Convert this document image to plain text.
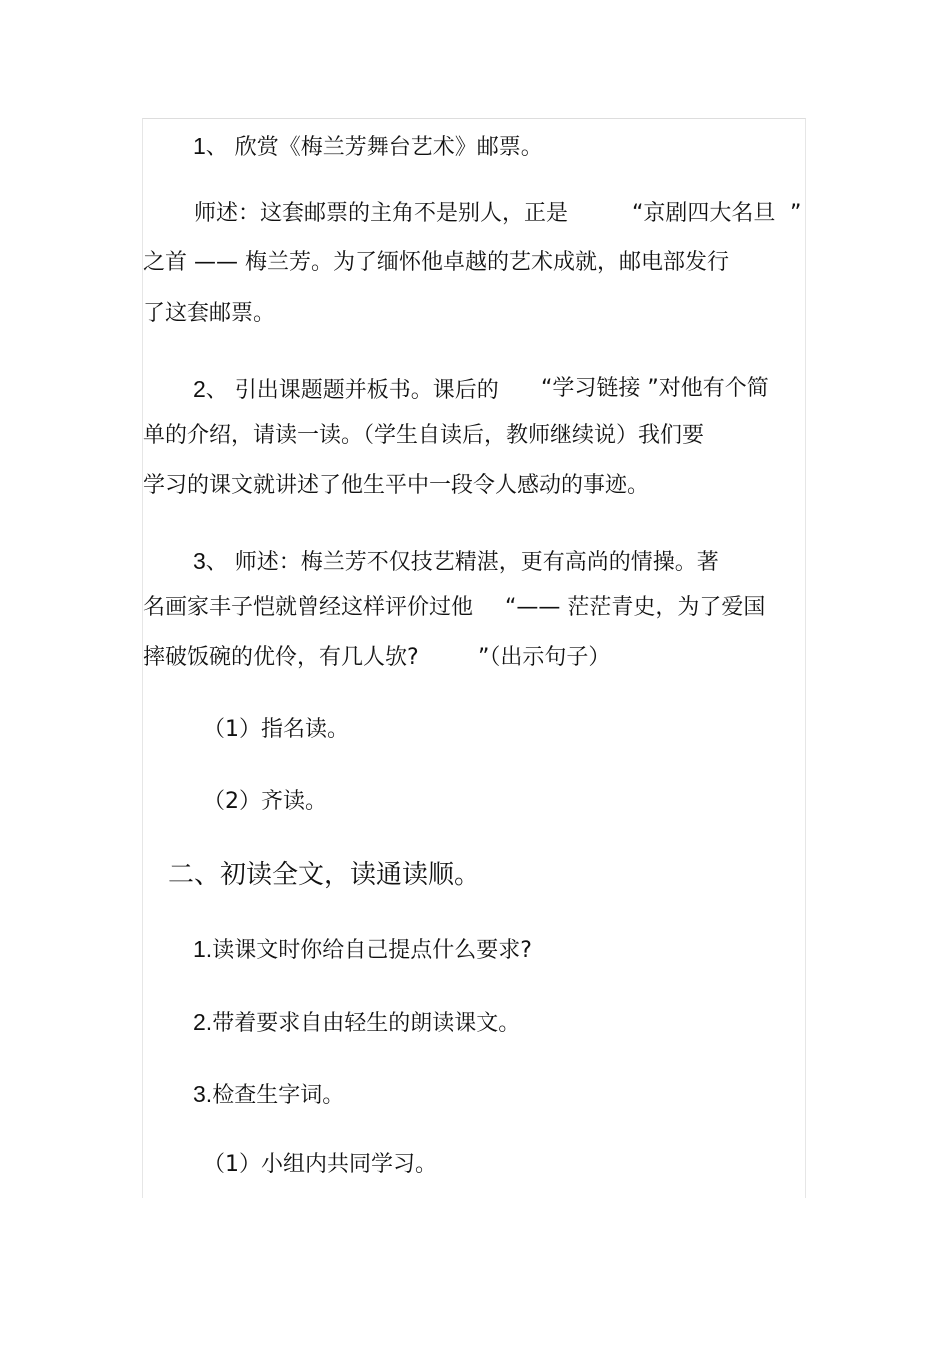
1、 欣赏《梅兰芳舞台艺术》邮票。
师述：这套邮票的主角不是别人，正是	“京剧四大名旦 ”
之首 —— 梅兰芳。为了缅怀他卓越的艺术成就，邮电部发行
了这套邮票。
2、 引出课题题并板书。课后的 “学习链接 ”对他有个简
单的介绍，请读一读。（学生自读后，教师继续说）我们要
学习的课文就讲述了他生平中一段令人感动的事迹。
3、 师述：梅兰芳不仅技艺精湛，更有高尚的情操。著
名画家丰子恺就曾经这样评价过他 “—— 茫茫青史，为了爱国
摔破饭碗的优伶，有几人欤?	”（出示句子）
（1）指名读。
（2）齐读。
二、初读全文，读通读顺。
1.读课文时你给自己提点什么要求?
2.带着要求自由轻生的朗读课文。
3.检查生字词。
（1）小组内共同学习。
